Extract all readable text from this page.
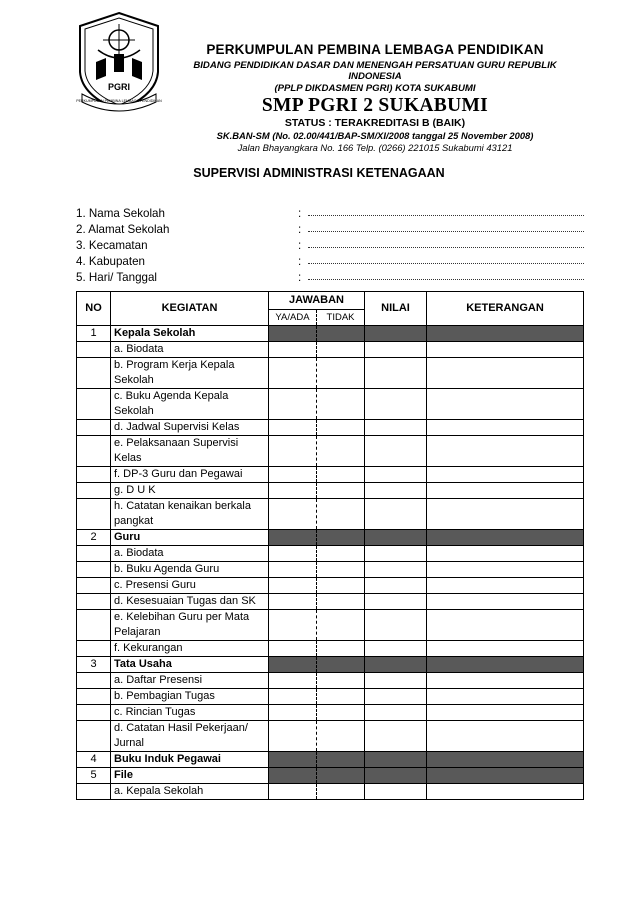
PGRI
PERKUMPULAN PEMBINA LEMBAGA PENDIDIKAN
PERKUMPULAN PEMBINA LEMBAGA PENDIDIKAN
BIDANG PENDIDIKAN DASAR DAN MENENGAH PERSATUAN GURU REPUBLIK INDONESIA
(PPLP DIKDASMEN PGRI) KOTA SUKABUMI
SMP PGRI 2 SUKABUMI
STATUS : TERAKREDITASI B (BAIK)
SK.BAN-SM (No. 02.00/441/BAP-SM/XI/2008 tanggal 25 November 2008)
Jalan Bhayangkara No. 166 Telp. (0266) 221015 Sukabumi 43121
SUPERVISI ADMINISTRASI KETENAGAAN
1. Nama Sekolah	:
2. Alamat Sekolah	:
3. Kecamatan	:
4. Kabupaten	:
5. Hari/ Tanggal	:
NO	KEGIATAN	JAWABAN		NILAI	KETERANGAN
		YA/ADA	TIDAK		
1	Kepala Sekolah				
	a. Biodata				
	b. Program Kerja Kepala Sekolah				
	c. Buku Agenda Kepala Sekolah				
	d. Jadwal Supervisi Kelas				
	e. Pelaksanaan Supervisi Kelas				
	f. DP-3 Guru dan Pegawai				
	g. D U K				
	h. Catatan kenaikan berkala pangkat				
2	Guru				
	a. Biodata				
	b. Buku Agenda Guru				
	c. Presensi Guru				
	d. Kesesuaian Tugas dan SK				
	e. Kelebihan Guru per Mata Pelajaran				
	f. Kekurangan				
3	Tata Usaha				
	a. Daftar Presensi				
	b. Pembagian Tugas				
	c. Rincian Tugas				
	d. Catatan Hasil Pekerjaan/ Jurnal				
4	Buku Induk Pegawai				
5	File				
	a. Kepala Sekolah				
